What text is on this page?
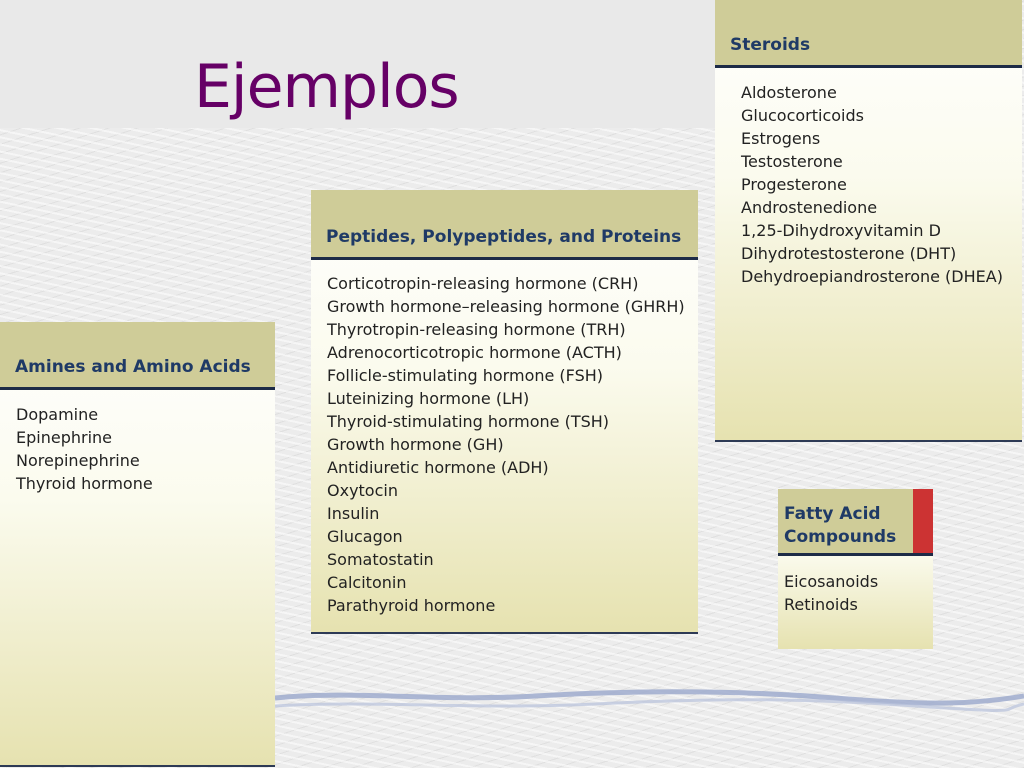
Ejemplos
Steroids
Aldosterone
Glucocorticoids
Estrogens
Testosterone
Progesterone
Androstenedione
1,25-Dihydroxyvitamin D
Dihydrotestosterone (DHT)
Dehydroepiandrosterone (DHEA)
Peptides, Polypeptides, and Proteins
Corticotropin-releasing hormone (CRH)
Growth hormone–releasing hormone (GHRH)
Thyrotropin-releasing hormone (TRH)
Adrenocorticotropic hormone (ACTH)
Follicle-stimulating hormone (FSH)
Luteinizing hormone (LH)
Thyroid-stimulating hormone (TSH)
Growth hormone (GH)
Antidiuretic hormone (ADH)
Oxytocin
Insulin
Glucagon
Somatostatin
Calcitonin
Parathyroid hormone
Amines and Amino Acids
Dopamine
Epinephrine
Norepinephrine
Thyroid hormone
Fatty Acid
Compounds
Eicosanoids
Retinoids
